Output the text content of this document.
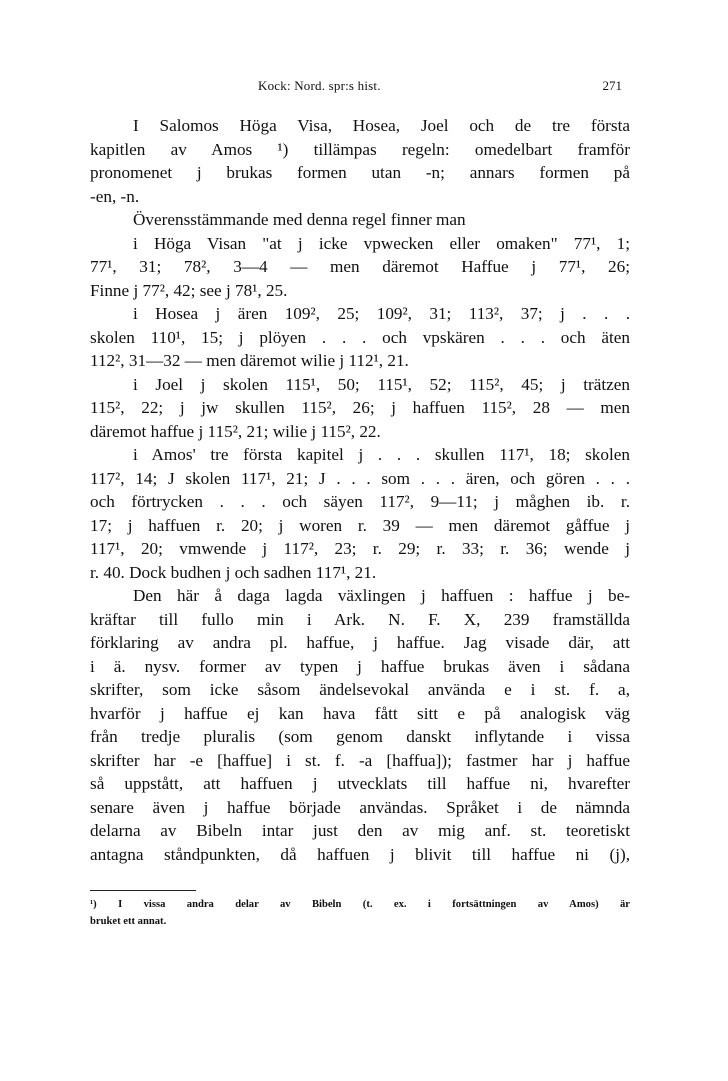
Kock: Nord. spr:s hist.	271
I Salomos Höga Visa, Hosea, Joel och de tre första
kapitlen av Amos ¹) tillämpas regeln: omedelbart framför
pronomenet j brukas formen utan -n; annars formen på
-en, -n.
Överensstämmande med denna regel finner man
i Höga Visan "at j icke vpwecken eller omaken" 77¹, 1;
77¹, 31; 78², 3—4 — men däremot Haffue j 77¹, 26;
Finne j 77², 42; see j 78¹, 25.
i Hosea j ären 109², 25; 109², 31; 113², 37; j . . .
skolen 110¹, 15; j plöyen . . . och vpskären . . . och äten
112², 31—32 — men däremot wilie j 112¹, 21.
i Joel j skolen 115¹, 50; 115¹, 52; 115², 45; j trätzen
115², 22; j jw skullen 115², 26; j haffuen 115², 28 — men
däremot haffue j 115², 21; wilie j 115², 22.
i Amos' tre första kapitel j . . . skullen 117¹, 18; skolen
117², 14; J skolen 117¹, 21; J . . . som . . . ären, och gören . . .
och förtrycken . . . och säyen 117², 9—11; j måghen ib. r.
17; j haffuen r. 20; j woren r. 39 — men däremot gåffue j
117¹, 20; vmwende j 117², 23; r. 29; r. 33; r. 36; wende j
r. 40. Dock budhen j och sadhen 117¹, 21.
Den här å daga lagda växlingen j haffuen : haffue j be-
kräftar till fullo min i Ark. N. F. X, 239 framställda
förklaring av andra pl. haffue, j haffue. Jag visade där, att
i ä. nysv. former av typen j haffue brukas även i sådana
skrifter, som icke såsom ändelsevokal använda e i st. f. a,
hvarför j haffue ej kan hava fått sitt e på analogisk väg
från tredje pluralis (som genom danskt inflytande i vissa
skrifter har -e [haffue] i st. f. -a [haffua]); fastmer har j haffue
så uppstått, att haffuen j utvecklats till haffue ni, hvarefter
senare även j haffue började användas. Språket i de nämnda
delarna av Bibeln intar just den av mig anf. st. teoretiskt
antagna ståndpunkten, då haffuen j blivit till haffue ni (j),
¹) I vissa andra delar av Bibeln (t. ex. i fortsättningen av Amos) är
bruket ett annat.
